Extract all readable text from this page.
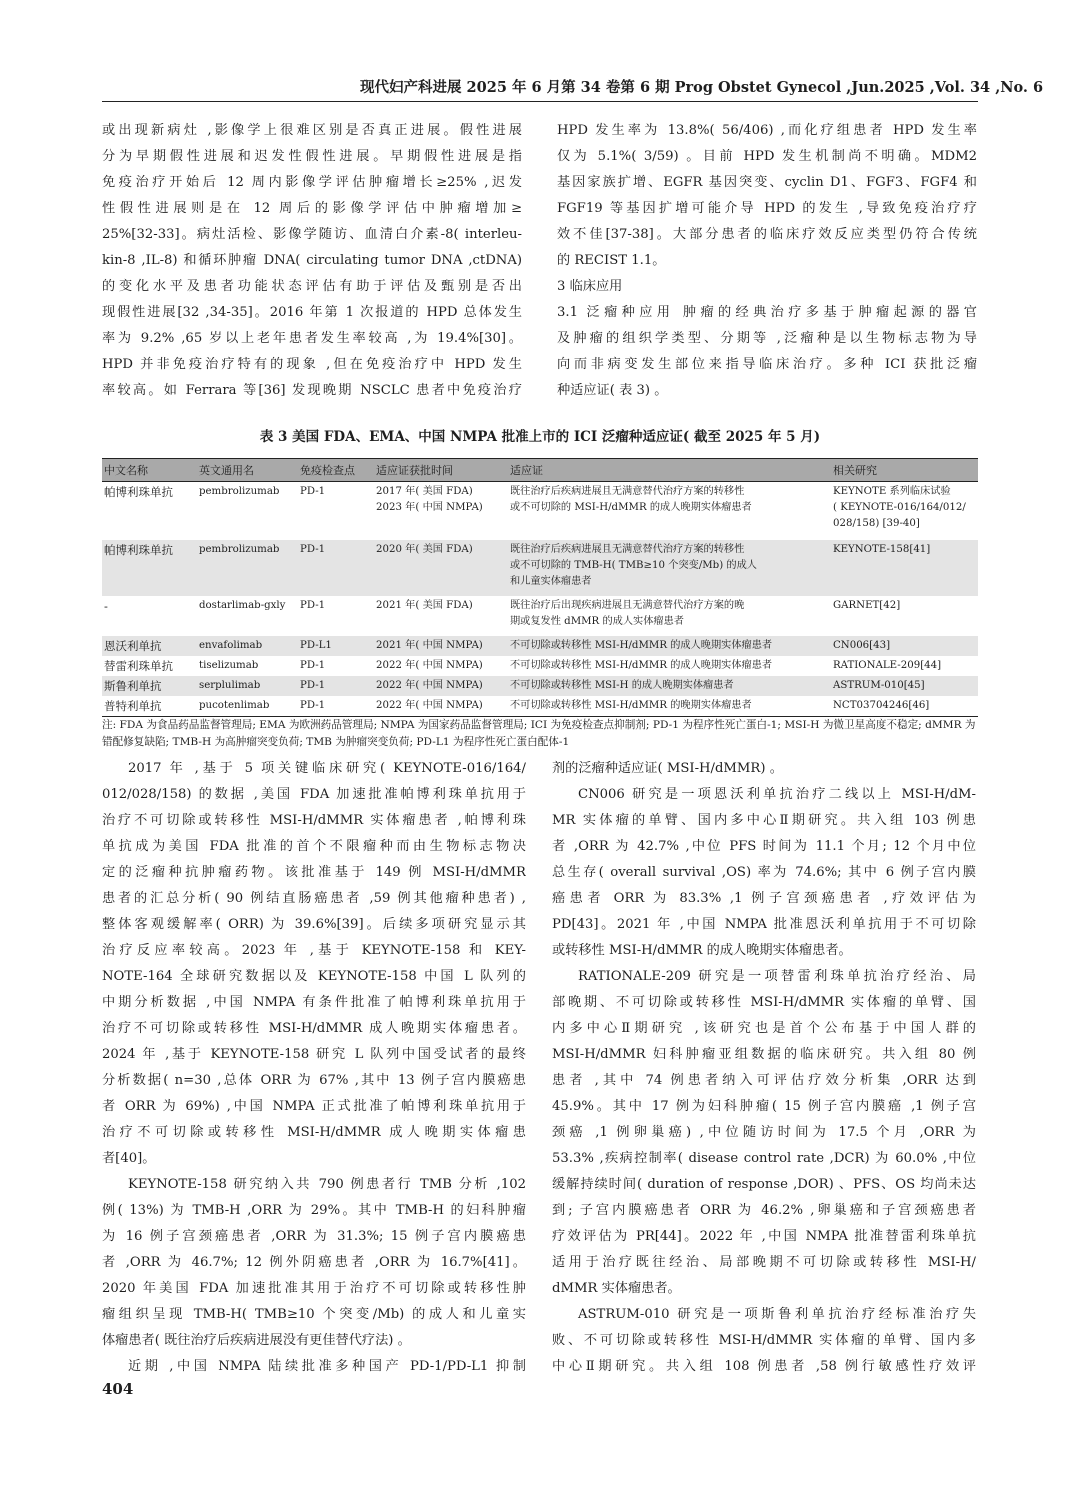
现代妇产科进展 2025 年 6 月第 34 卷第 6 期 Prog Obstet Gynecol ,Jun.2025 ,Vol. 34 ,No. 6
或出现新病灶 ,影像学上很难区别是否真正进展。假性进展
分为早期假性进展和迟发性假性进展。早期假性进展是指
免疫治疗开始后 12 周内影像学评估肿瘤增长≥25% ,迟发
性假性进展则是在 12 周后的影像学评估中肿瘤增加≥
25%[32-33]。病灶活检、影像学随访、血清白介素-8( interleu-
kin-8 ,IL-8) 和循环肿瘤 DNA( circulating tumor DNA ,ctDNA)
的变化水平及患者功能状态评估有助于评估及甄别是否出
现假性进展[32 ,34-35]。2016 年第 1 次报道的 HPD 总体发生
率为 9.2% ,65 岁以上老年患者发生率较高 ,为 19.4%[30]。
HPD 并非免疫治疗特有的现象 ,但在免疫治疗中 HPD 发生
率较高。如 Ferrara 等[36] 发现晚期 NSCLC 患者中免疫治疗
HPD 发生率为 13.8%( 56/406) ,而化疗组患者 HPD 发生率
仅为 5.1%( 3/59) 。目前 HPD 发生机制尚不明确。MDM2
基因家族扩增、EGFR 基因突变、cyclin D1、FGF3、FGF4 和
FGF19 等基因扩增可能介导 HPD 的发生 ,导致免疫治疗疗
效不佳[37-38]。大部分患者的临床疗效反应类型仍符合传统
的 RECIST 1.1。
3 临床应用
3.1 泛瘤种应用 肿瘤的经典治疗多基于肿瘤起源的器官
及肿瘤的组织学类型、分期等 ,泛瘤种是以生物标志物为导
向而非病变发生部位来指导临床治疗。多种 ICI 获批泛瘤
种适应证( 表 3) 。
表 3 美国 FDA、EMA、中国 NMPA 批准上市的 ICI 泛瘤种适应证( 截至 2025 年 5 月)
中文名称	英文通用名	免疫检查点	适应证获批时间	适应证	相关研究
帕博利珠单抗	pembrolizumab	PD-1	2017 年( 美国 FDA)
2023 年( 中国 NMPA)	既往治疗后疾病进展且无满意替代治疗方案的转移性
或不可切除的 MSI-H/dMMR 的成人晚期实体瘤患者	KEYNOTE 系列临床试验
( KEYNOTE-016/164/012/
028/158) [39-40]

帕博利珠单抗	pembrolizumab	PD-1	2020 年( 美国 FDA)	既往治疗后疾病进展且无满意替代治疗方案的转移性
或不可切除的 TMB-H( TMB≥10 个突变/Mb) 的成人
和儿童实体瘤患者	KEYNOTE-158[41]

-	dostarlimab-gxly	PD-1	2021 年( 美国 FDA)	既往治疗后出现疾病进展且无满意替代治疗方案的晚
期或复发性 dMMR 的成人实体瘤患者	GARNET[42]

恩沃利单抗	envafolimab	PD-L1	2021 年( 中国 NMPA)	不可切除或转移性 MSI-H/dMMR 的成人晚期实体瘤患者	CN006[43]
替雷利珠单抗	tiselizumab	PD-1	2022 年( 中国 NMPA)	不可切除或转移性 MSI-H/dMMR 的成人晚期实体瘤患者	RATIONALE-209[44]
斯鲁利单抗	serplulimab	PD-1	2022 年( 中国 NMPA)	不可切除或转移性 MSI-H 的成人晚期实体瘤患者	ASTRUM-010[45]
普特利单抗	pucotenlimab	PD-1	2022 年( 中国 NMPA)	不可切除或转移性 MSI-H/dMMR 的晚期实体瘤患者	NCT03704246[46]
注: FDA 为食品药品监督管理局; EMA 为欧洲药品管理局; NMPA 为国家药品监督管理局; ICI 为免疫检查点抑制剂; PD-1 为程序性死亡蛋白-1; MSI-H 为微卫星高度不稳定; dMMR 为错配修复缺陷; TMB-H 为高肿瘤突变负荷; TMB 为肿瘤突变负荷; PD-L1 为程序性死亡蛋白配体-1
2017 年 ,基于 5 项关键临床研究( KEYNOTE-016/164/
012/028/158) 的数据 ,美国 FDA 加速批准帕博利珠单抗用于
治疗不可切除或转移性 MSI-H/dMMR 实体瘤患者 ,帕博利珠
单抗成为美国 FDA 批准的首个不限瘤种而由生物标志物决
定的泛瘤种抗肿瘤药物。该批准基于 149 例 MSI-H/dMMR
患者的汇总分析( 90 例结直肠癌患者 ,59 例其他瘤种患者) ,
整体客观缓解率( ORR) 为 39.6%[39]。后续多项研究显示其
治疗反应率较高。2023 年 ,基于 KEYNOTE-158 和 KEY-
NOTE-164 全球研究数据以及 KEYNOTE-158 中国 L 队列的
中期分析数据 ,中国 NMPA 有条件批准了帕博利珠单抗用于
治疗不可切除或转移性 MSI-H/dMMR 成人晚期实体瘤患者。
2024 年 ,基于 KEYNOTE-158 研究 L 队列中国受试者的最终
分析数据( n=30 ,总体 ORR 为 67% ,其中 13 例子宫内膜癌患
者 ORR 为 69%) ,中国 NMPA 正式批准了帕博利珠单抗用于
治疗不可切除或转移性 MSI-H/dMMR 成人晚期实体瘤患
者[40]。
KEYNOTE-158 研究纳入共 790 例患者行 TMB 分析 ,102
例( 13%) 为 TMB-H ,ORR 为 29%。其中 TMB-H 的妇科肿瘤
为 16 例子宫颈癌患者 ,ORR 为 31.3%; 15 例子宫内膜癌患
者 ,ORR 为 46.7%; 12 例外阴癌患者 ,ORR 为 16.7%[41]。
2020 年美国 FDA 加速批准其用于治疗不可切除或转移性肿
瘤组织呈现 TMB-H( TMB≥10 个突变/Mb) 的成人和儿童实
体瘤患者( 既往治疗后疾病进展没有更佳替代疗法) 。
近期 ,中国 NMPA 陆续批准多种国产 PD-1/PD-L1 抑制
剂的泛瘤种适应证( MSI-H/dMMR) 。
CN006 研究是一项恩沃利单抗治疗二线以上 MSI-H/dM-
MR 实体瘤的单臂、国内多中心Ⅱ期研究。共入组 103 例患
者 ,ORR 为 42.7% ,中位 PFS 时间为 11.1 个月; 12 个月中位
总生存( overall survival ,OS) 率为 74.6%; 其中 6 例子宫内膜
癌患者 ORR 为 83.3% ,1 例子宫颈癌患者 ,疗效评估为
PD[43]。2021 年 ,中国 NMPA 批准恩沃利单抗用于不可切除
或转移性 MSI-H/dMMR 的成人晚期实体瘤患者。
RATIONALE-209 研究是一项替雷利珠单抗治疗经治、局
部晚期、不可切除或转移性 MSI-H/dMMR 实体瘤的单臂、国
内多中心Ⅱ期研究 ,该研究也是首个公布基于中国人群的
MSI-H/dMMR 妇科肿瘤亚组数据的临床研究。共入组 80 例
患者 ,其中 74 例患者纳入可评估疗效分析集 ,ORR 达到
45.9%。其中 17 例为妇科肿瘤( 15 例子宫内膜癌 ,1 例子宫
颈癌 ,1 例卵巢癌) ,中位随访时间为 17.5 个月 ,ORR 为
53.3% ,疾病控制率( disease control rate ,DCR) 为 60.0% ,中位
缓解持续时间( duration of response ,DOR) 、PFS、OS 均尚未达
到; 子宫内膜癌患者 ORR 为 46.2% ,卵巢癌和子宫颈癌患者
疗效评估为 PR[44]。2022 年 ,中国 NMPA 批准替雷利珠单抗
适用于治疗既往经治、局部晚期不可切除或转移性 MSI-H/
dMMR 实体瘤患者。
ASTRUM-010 研究是一项斯鲁利单抗治疗经标准治疗失
败、不可切除或转移性 MSI-H/dMMR 实体瘤的单臂、国内多
中心Ⅱ期研究。共入组 108 例患者 ,58 例行敏感性疗效评
404
